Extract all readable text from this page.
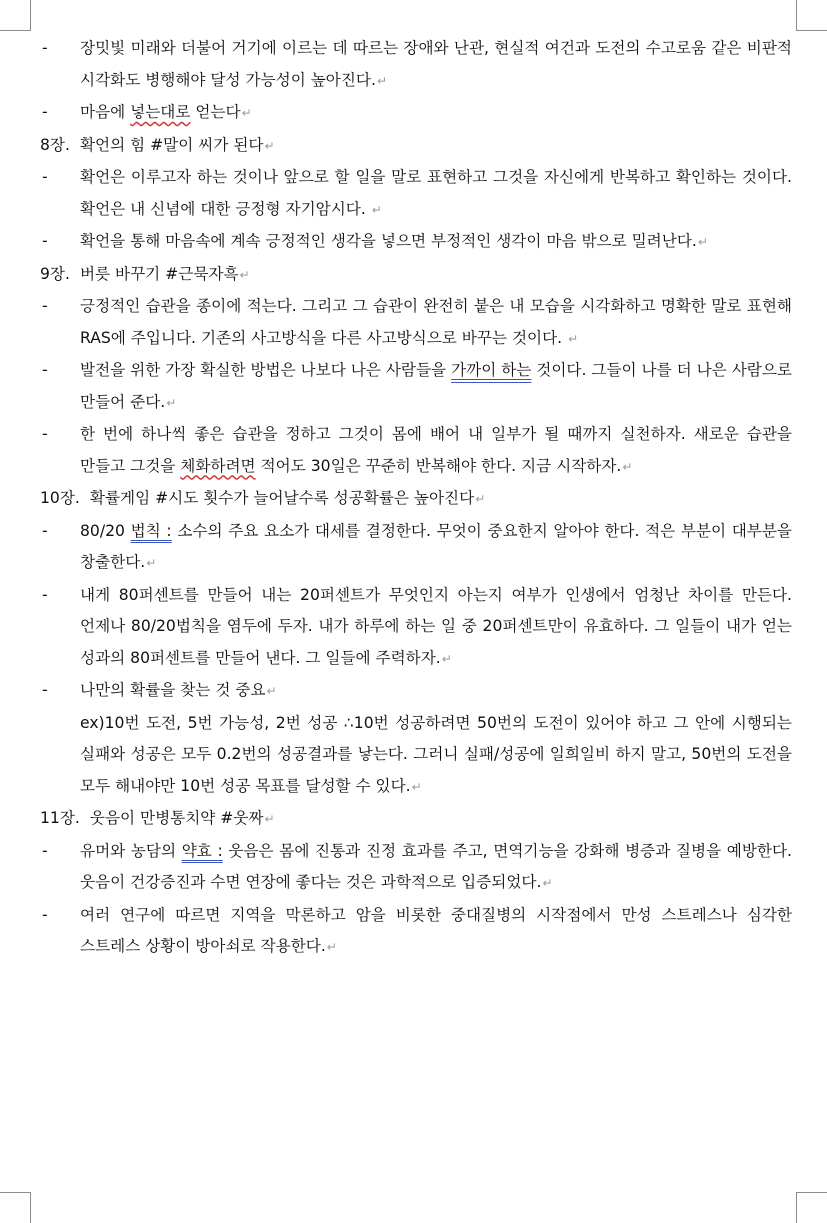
- 장밋빛 미래와 더불어 거기에 이르는 데 따르는 장애와 난관, 현실적 여건과 도전의 수고로움 같은 비판적 시각화도 병행해야 달성 가능성이 높아진다.↵

- 마음에 넣는대로 얻는다↵

8장. 확언의 힘 #말이 씨가 된다↵

- 확언은 이루고자 하는 것이나 앞으로 할 일을 말로 표현하고 그것을 자신에게 반복하고 확인하는 것이다. 확언은 내 신념에 대한 긍정형 자기암시다. ↵

- 확언을 통해 마음속에 계속 긍정적인 생각을 넣으면 부정적인 생각이 마음 밖으로 밀려난다.↵

9장. 버릇 바꾸기 #근묵자흑↵

- 긍정적인 습관을 종이에 적는다. 그리고 그 습관이 완전히 붙은 내 모습을 시각화하고 명확한 말로 표현해 RAS에 주입니다. 기존의 사고방식을 다른 사고방식으로 바꾸는 것이다. ↵

- 발전을 위한 가장 확실한 방법은 나보다 나은 사람들을 가까이 하는 것이다. 그들이 나를 더 나은 사람으로 만들어 준다.↵

- 한 번에 하나씩 좋은 습관을 정하고 그것이 몸에 배어 내 일부가 될 때까지 실천하자. 새로운 습관을 만들고 그것을 체화하려면 적어도 30일은 꾸준히 반복해야 한다. 지금 시작하자.↵

10장. 확률게임 #시도 횟수가 늘어날수록 성공확률은 높아진다↵

- 80/20 법칙 : 소수의 주요 요소가 대세를 결정한다. 무엇이 중요한지 알아야 한다. 적은 부분이 대부분을 창출한다.↵

- 내게 80퍼센트를 만들어 내는 20퍼센트가 무엇인지 아는지 여부가 인생에서 엄청난 차이를 만든다. 언제나 80/20법칙을 염두에 두자. 내가 하루에 하는 일 중 20퍼센트만이 유효하다. 그 일들이 내가 얻는 성과의 80퍼센트를 만들어 낸다. 그 일들에 주력하자.↵

- 나만의 확률을 찾는 것 중요↵

ex)10번 도전, 5번 가능성, 2번 성공 ∴10번 성공하려면 50번의 도전이 있어야 하고 그 안에 시행되는 실패와 성공은 모두 0.2번의 성공결과를 낳는다. 그러니 실패/성공에 일희일비 하지 말고, 50번의 도전을 모두 해내야만 10번 성공 목표를 달성할 수 있다.↵

11장. 웃음이 만병통치약 #웃짜↵

- 유머와 농담의 약효 : 웃음은 몸에 진통과 진정 효과를 주고, 면역기능을 강화해 병증과 질병을 예방한다. 웃음이 건강증진과 수면 연장에 좋다는 것은 과학적으로 입증되었다.↵

- 여러 연구에 따르면 지역을 막론하고 암을 비롯한 중대질병의 시작점에서 만성 스트레스나 심각한 스트레스 상황이 방아쇠로 작용한다.↵
